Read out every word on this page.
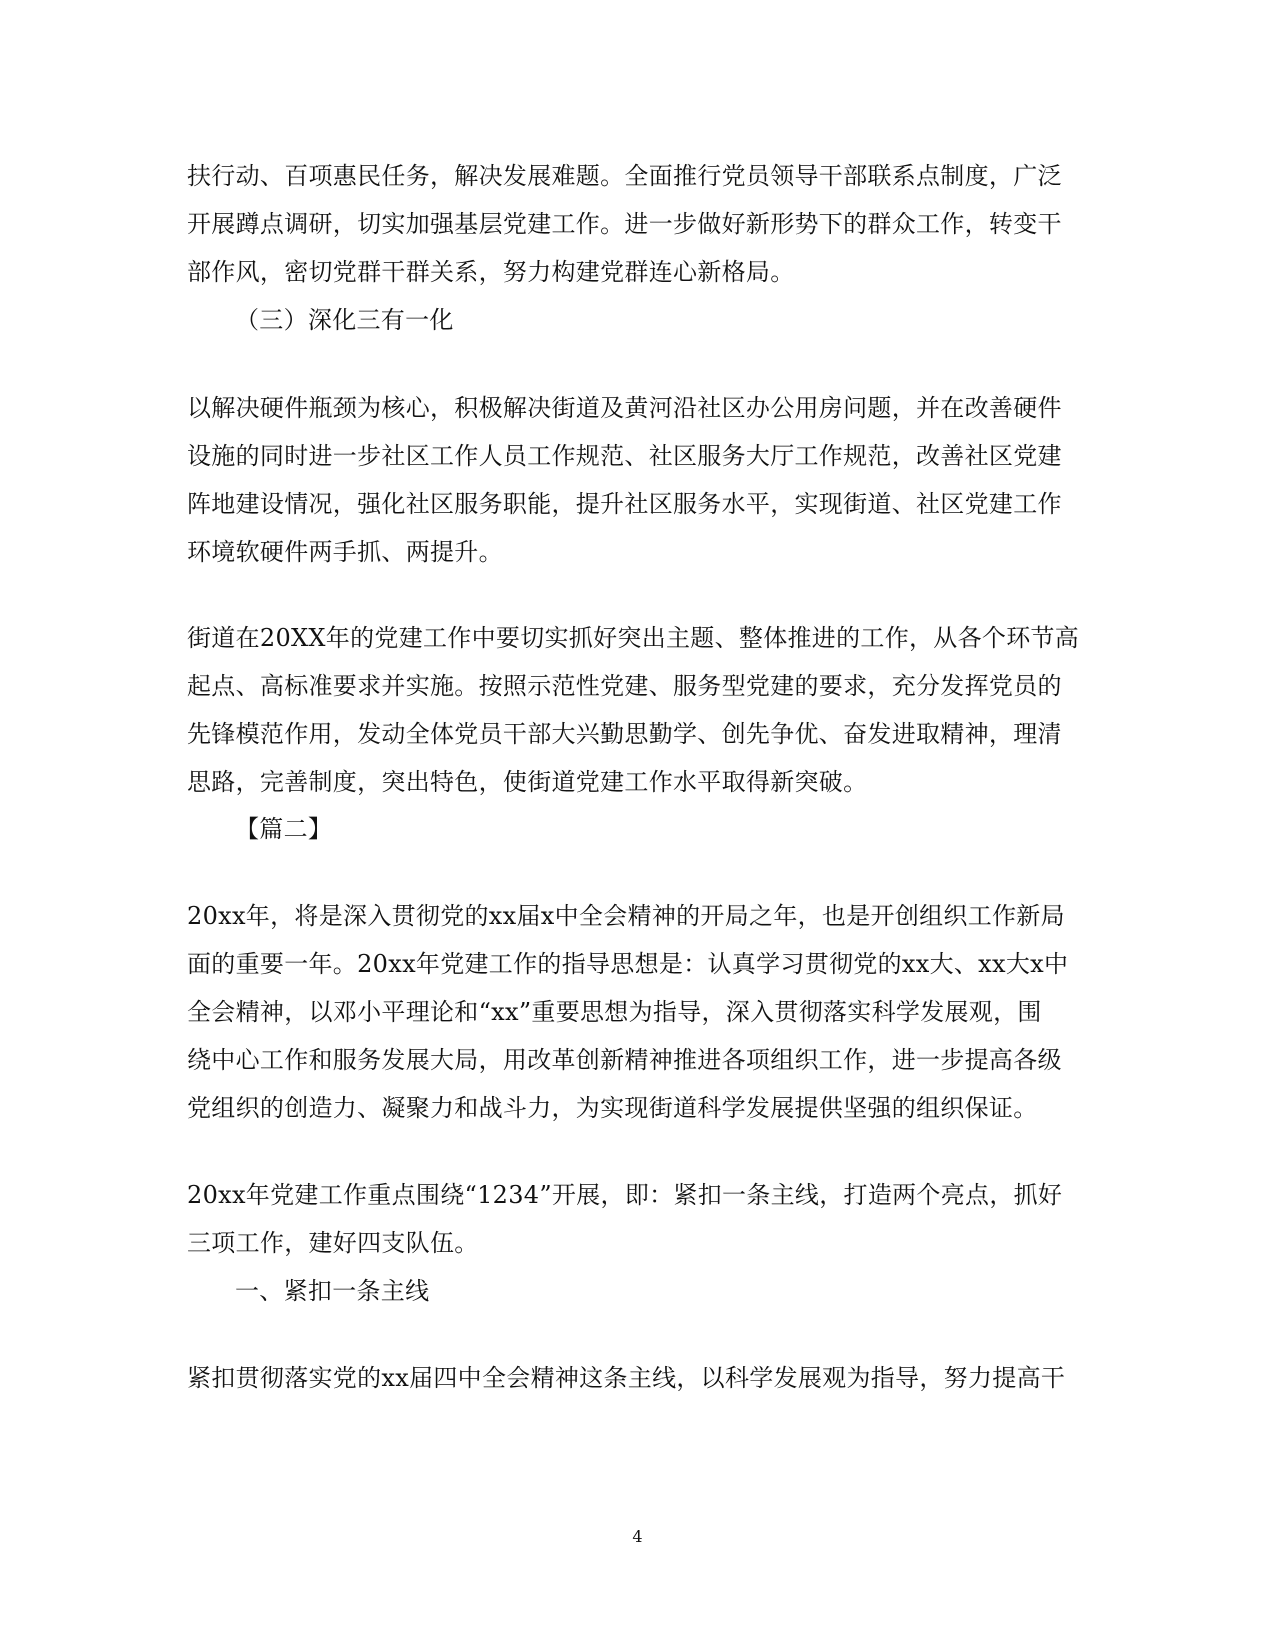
扶行动、百项惠民任务，解决发展难题。全面推行党员领导干部联系点制度，广泛

开展蹲点调研，切实加强基层党建工作。进一步做好新形势下的群众工作，转变干

部作风，密切党群干群关系，努力构建党群连心新格局。

（三）深化三有一化

以解决硬件瓶颈为核心，积极解决街道及黄河沿社区办公用房问题，并在改善硬件

设施的同时进一步社区工作人员工作规范、社区服务大厅工作规范，改善社区党建

阵地建设情况，强化社区服务职能，提升社区服务水平，实现街道、社区党建工作

环境软硬件两手抓、两提升。

街道在20XX年的党建工作中要切实抓好突出主题、整体推进的工作，从各个环节高

起点、高标准要求并实施。按照示范性党建、服务型党建的要求，充分发挥党员的

先锋模范作用，发动全体党员干部大兴勤思勤学、创先争优、奋发进取精神，理清

思路，完善制度，突出特色，使街道党建工作水平取得新突破。

【篇二】

20xx年，将是深入贯彻党的xx届x中全会精神的开局之年，也是开创组织工作新局

面的重要一年。20xx年党建工作的指导思想是：认真学习贯彻党的xx大、xx大x中

全会精神，以邓小平理论和“xx”重要思想为指导，深入贯彻落实科学发展观，围

绕中心工作和服务发展大局，用改革创新精神推进各项组织工作，进一步提高各级

党组织的创造力、凝聚力和战斗力，为实现街道科学发展提供坚强的组织保证。

20xx年党建工作重点围绕“1234”开展，即：紧扣一条主线，打造两个亮点，抓好

三项工作，建好四支队伍。

一、紧扣一条主线

紧扣贯彻落实党的xx届四中全会精神这条主线，以科学发展观为指导，努力提高干

4
